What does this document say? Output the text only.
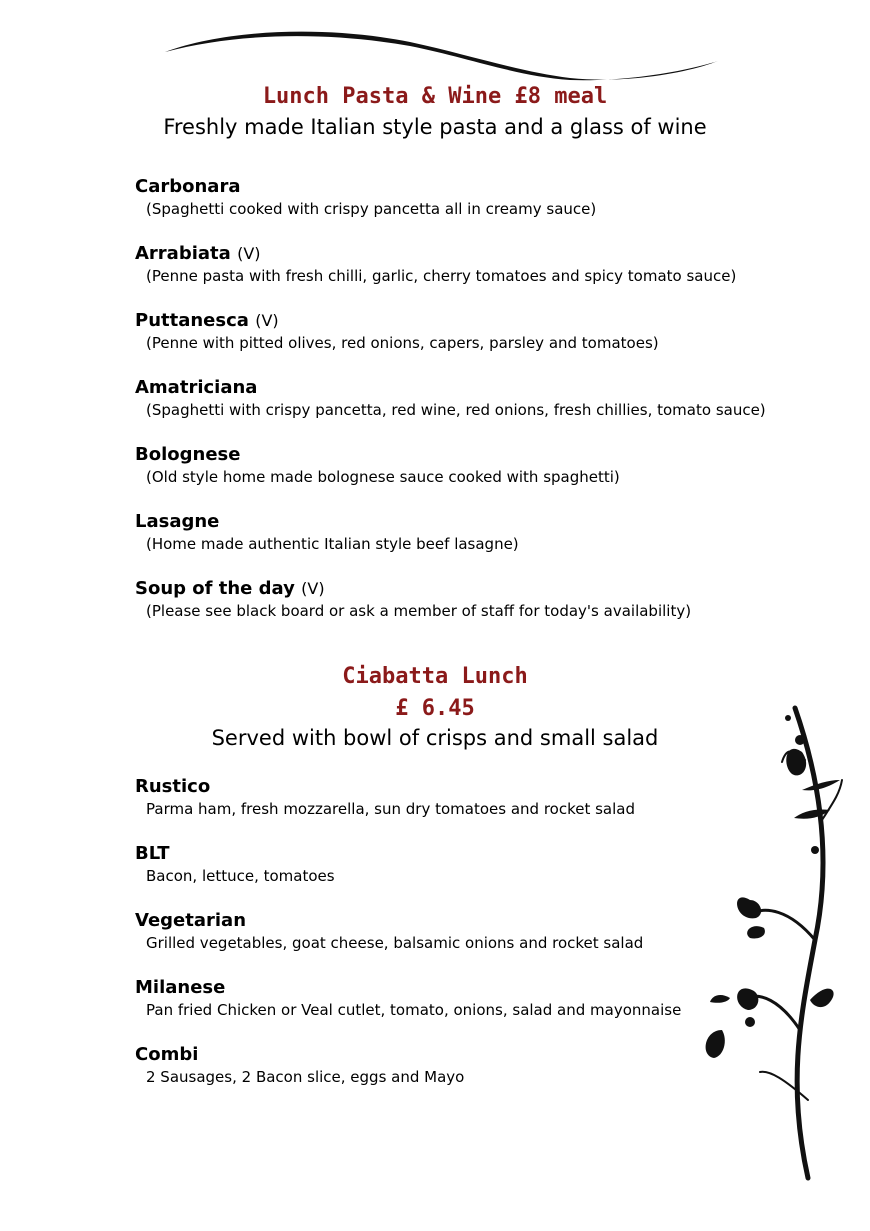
Lunch Pasta & Wine £8 meal
Freshly made Italian style pasta and a glass of wine
Carbonara
(Spaghetti cooked with crispy pancetta all in creamy sauce)
Arrabiata (V)
(Penne pasta with fresh chilli, garlic, cherry tomatoes and spicy tomato sauce)
Puttanesca (V)
(Penne with pitted olives, red onions, capers, parsley and tomatoes)
Amatriciana
(Spaghetti with crispy pancetta, red wine, red onions, fresh chillies, tomato sauce)
Bolognese
(Old style home made bolognese sauce cooked with spaghetti)
Lasagne
(Home made authentic Italian style beef lasagne)
Soup of the day (V)
(Please see black board or ask a member of staff for today's availability)
Ciabatta Lunch
£ 6.45
Served with bowl of crisps and small salad
Rustico
Parma ham, fresh mozzarella, sun dry tomatoes and rocket salad
BLT
Bacon, lettuce, tomatoes
Vegetarian
Grilled vegetables, goat cheese, balsamic onions and rocket salad
Milanese
Pan fried Chicken or Veal cutlet, tomato, onions, salad and mayonnaise
Combi
2 Sausages, 2 Bacon slice, eggs and Mayo
